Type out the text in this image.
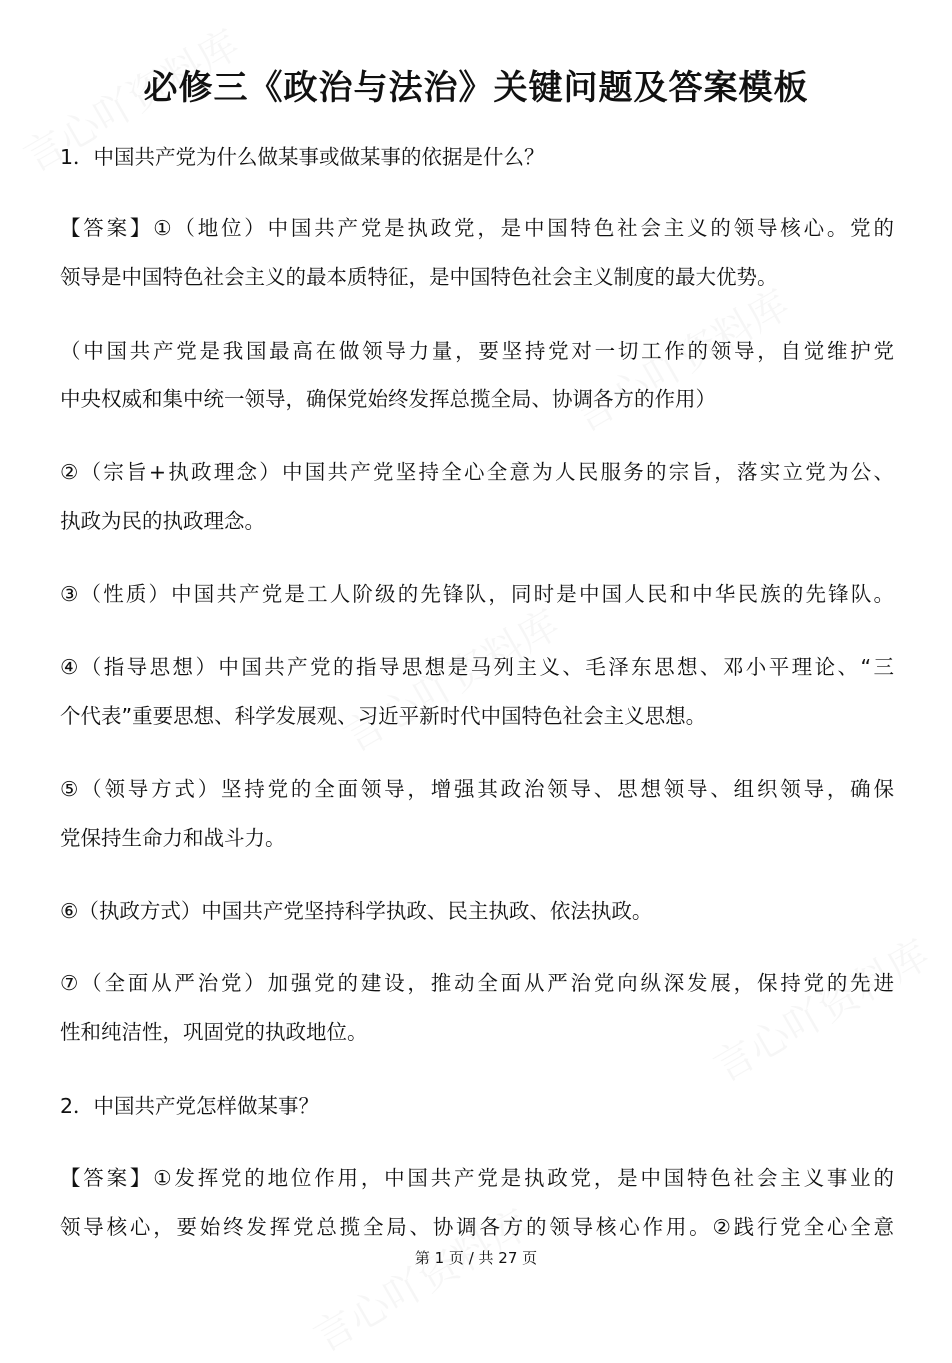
必修三《政治与法治》关键问题及答案模板
1．中国共产党为什么做某事或做某事的依据是什么？
【答案】①（地位）中国共产党是执政党，是中国特色社会主义的领导核心。党的
领导是中国特色社会主义的最本质特征，是中国特色社会主义制度的最大优势。
（中国共产党是我国最高在做领导力量，要坚持党对一切工作的领导，自觉维护党
中央权威和集中统一领导，确保党始终发挥总揽全局、协调各方的作用）
②（宗旨+执政理念）中国共产党坚持全心全意为人民服务的宗旨，落实立党为公、
执政为民的执政理念。
③（性质）中国共产党是工人阶级的先锋队，同时是中国人民和中华民族的先锋队。
④（指导思想）中国共产党的指导思想是马列主义、毛泽东思想、邓小平理论、“三
个代表”重要思想、科学发展观、习近平新时代中国特色社会主义思想。
⑤（领导方式）坚持党的全面领导，增强其政治领导、思想领导、组织领导，确保
党保持生命力和战斗力。
⑥（执政方式）中国共产党坚持科学执政、民主执政、依法执政。
⑦（全面从严治党）加强党的建设，推动全面从严治党向纵深发展，保持党的先进
性和纯洁性，巩固党的执政地位。
2．中国共产党怎样做某事？
【答案】①发挥党的地位作用，中国共产党是执政党，是中国特色社会主义事业的
领导核心，要始终发挥党总揽全局、协调各方的领导核心作用。②践行党全心全意
第 1 页 / 共 27 页
